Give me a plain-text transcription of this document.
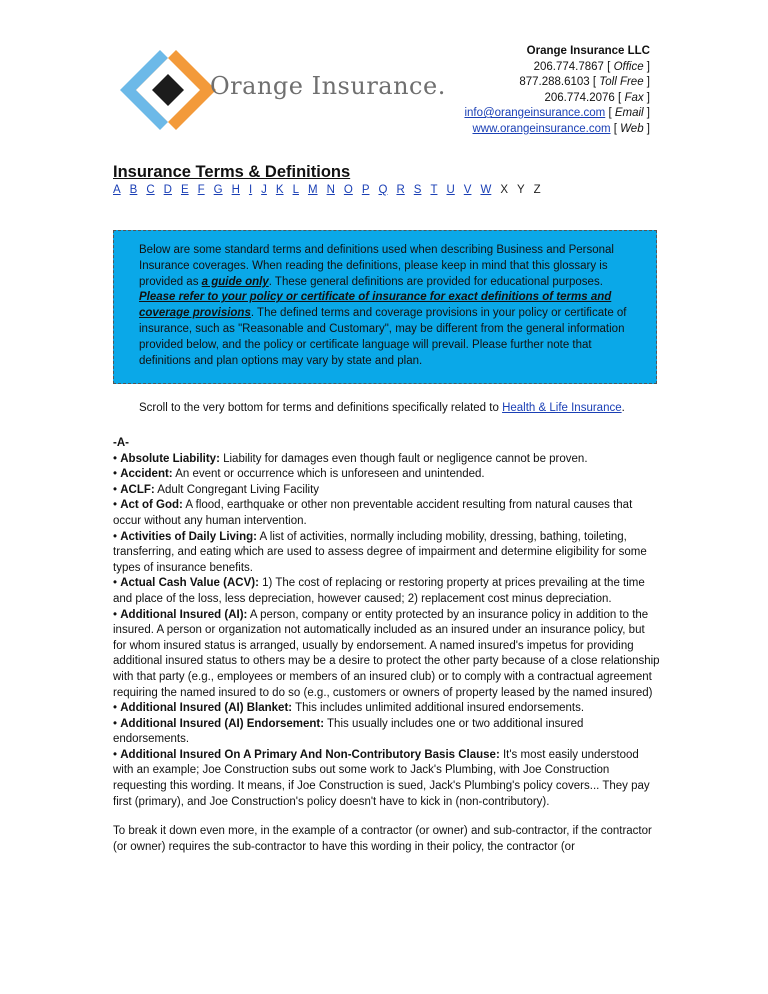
Orange Insurance.
Orange Insurance LLC
206.774.7867 [ Office ]
877.288.6103 [ Toll Free ]
206.774.2076 [ Fax ]
info@orangeinsurance.com [ Email ]
www.orangeinsurance.com [ Web ]
Insurance Terms & Definitions
A B C D E F G H I J K L M N O P Q R S T U V W X Y Z
Below are some standard terms and definitions used when describing Business and Personal Insurance coverages. When reading the definitions, please keep in mind that this glossary is provided as a guide only. These general definitions are provided for educational purposes. Please refer to your policy or certificate of insurance for exact definitions of terms and coverage provisions. The defined terms and coverage provisions in your policy or certificate of insurance, such as "Reasonable and Customary", may be different from the general information provided below, and the policy or certificate language will prevail. Please further note that definitions and plan options may vary by state and plan.
Scroll to the very bottom for terms and definitions specifically related to Health & Life Insurance.
-A-

• Absolute Liability: Liability for damages even though fault or negligence cannot be proven.

• Accident: An event or occurrence which is unforeseen and unintended.

• ACLF: Adult Congregant Living Facility

• Act of God: A flood, earthquake or other non preventable accident resulting from natural causes that occur without any human intervention.

• Activities of Daily Living: A list of activities, normally including mobility, dressing, bathing, toileting, transferring, and eating which are used to assess degree of impairment and determine eligibility for some types of insurance benefits.

• Actual Cash Value (ACV): 1) The cost of replacing or restoring property at prices prevailing at the time and place of the loss, less depreciation, however caused; 2) replacement cost minus depreciation.

• Additional Insured (AI): A person, company or entity protected by an insurance policy in addition to the insured. A person or organization not automatically included as an insured under an insurance policy, but for whom insured status is arranged, usually by endorsement. A named insured's impetus for providing additional insured status to others may be a desire to protect the other party because of a close relationship with that party (e.g., employees or members of an insured club) or to comply with a contractual agreement requiring the named insured to do so (e.g., customers or owners of property leased by the named insured)

• Additional Insured (AI) Blanket: This includes unlimited additional insured endorsements.

• Additional Insured (AI) Endorsement: This usually includes one or two additional insured endorsements.

• Additional Insured On A Primary And Non-Contributory Basis Clause: It's most easily understood with an example; Joe Construction subs out some work to Jack's Plumbing, with Joe Construction requesting this wording. It means, if Joe Construction is sued, Jack's Plumbing's policy covers... They pay first (primary), and Joe Construction's policy doesn't have to kick in (non-contributory).

To break it down even more, in the example of a contractor (or owner) and sub-contractor, if the contractor (or owner) requires the sub-contractor to have this wording in their policy, the contractor (or
